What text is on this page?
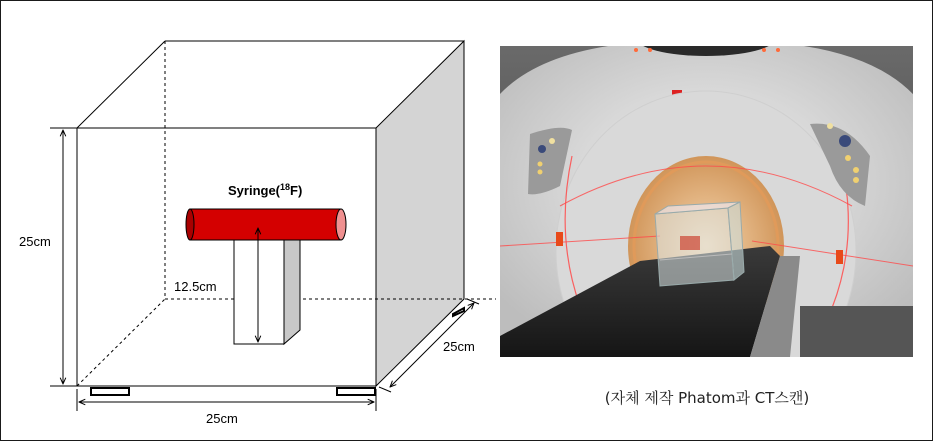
Syringe($^{18}$F)
25cm
12.5cm
25cm
25cm
(자체 제작 Phatom과 CT스캔)
